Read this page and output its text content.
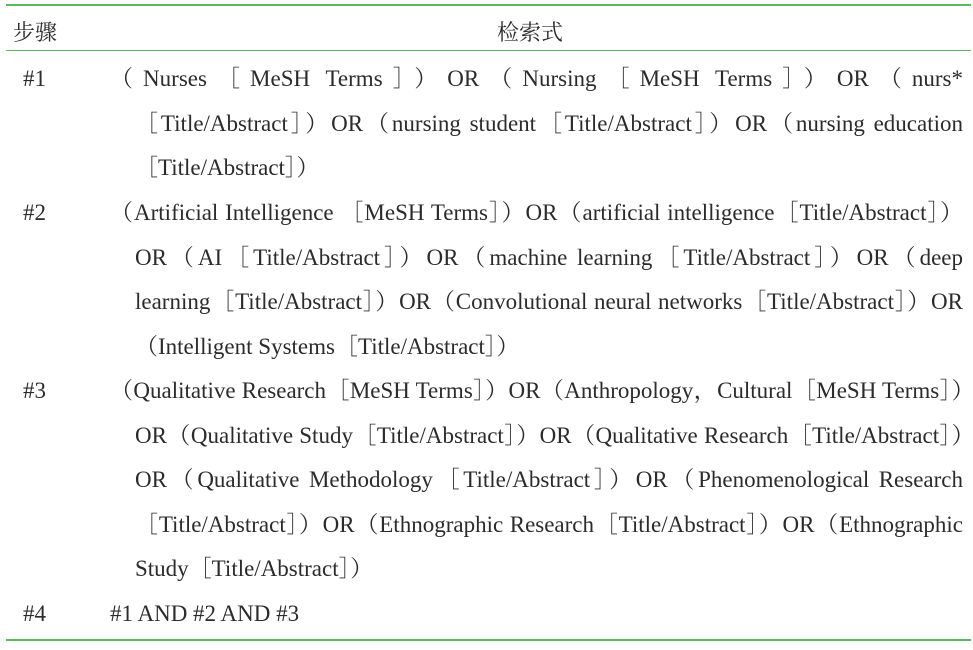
步骤	检索式
#1	（Nurses［MeSH Terms］）OR（Nursing［MeSH Terms］）OR（nurs*［Title/Abstract］）OR（nursing student［Title/Abstract］）OR（nursing education［Title/Abstract］）
#2	（Artificial Intelligence ［MeSH Terms］）OR（artificial intelligence［Title/Abstract］）OR（AI［Title/Abstract］）OR（machine learning［Title/Abstract］）OR（deep learning［Title/Abstract］）OR（Convolutional neural networks［Title/Abstract］）OR（Intelligent Systems［Title/Abstract］）
#3	（Qualitative Research［MeSH Terms］）OR（Anthropology，Cultural［MeSH Terms］）OR（Qualitative Study［Title/Abstract］）OR（Qualitative Research［Title/Abstract］）OR（Qualitative Methodology［Title/Abstract］）OR（Phenomenological Research ［Title/Abstract］）OR（Ethnographic Research［Title/Abstract］）OR（Ethnographic Study［Title/Abstract］）
#4	#1 AND #2 AND #3
